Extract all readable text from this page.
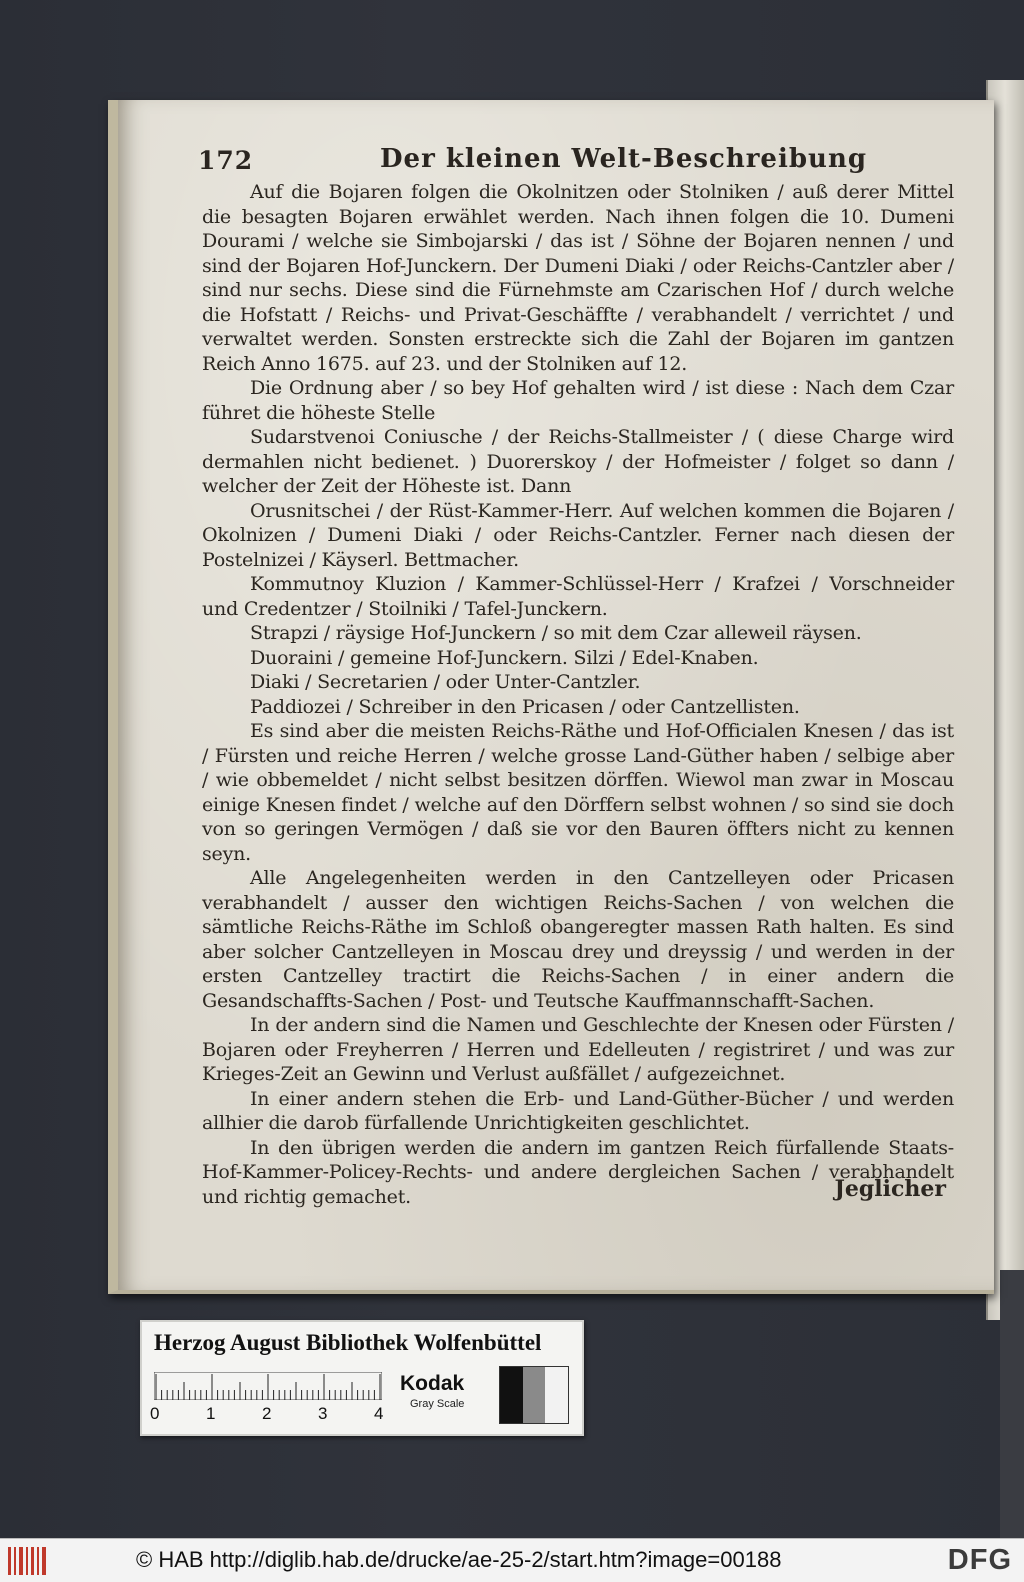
172	Der kleinen Welt-Beschreibung

Auf die Bojaren folgen die Okolnitzen oder Stolniken / auß derer Mittel die besagten Bojaren erwählet werden. Nach ihnen folgen die 10. Dumeni Dourami / welche sie Simbojarski / das ist / Söhne der Bojaren nennen / und sind der Bojaren Hof-Junckern. Der Dumeni Diaki / oder Reichs-Cantzler aber / sind nur sechs. Diese sind die Fürnehmste am Czarischen Hof / durch welche die Hofstatt / Reichs- und Privat-Geschäffte / verabhandelt / verrichtet / und verwaltet werden. Sonsten erstreckte sich die Zahl der Bojaren im gantzen Reich Anno 1675. auf 23. und der Stolniken auf 12.

Die Ordnung aber / so bey Hof gehalten wird / ist diese : Nach dem Czar führet die höheste Stelle

Sudarstvenoi Coniusche / der Reichs-Stallmeister / ( diese Charge wird dermahlen nicht bedienet. ) Duorerskoy / der Hofmeister / folget so dann / welcher der Zeit der Höheste ist. Dann

Orusnitschei / der Rüst-Kammer-Herr. Auf welchen kommen die Bojaren / Okolnizen / Dumeni Diaki / oder Reichs-Cantzler. Ferner nach diesen der Postelnizei / Käyserl. Bettmacher.

Kommutnoy Kluzion / Kammer-Schlüssel-Herr / Krafzei / Vorschneider und Credentzer / Stoilniki / Tafel-Junckern.

Strapzi / räysige Hof-Junckern / so mit dem Czar alleweil räysen.

Duoraini / gemeine Hof-Junckern. Silzi / Edel-Knaben.

Diaki / Secretarien / oder Unter-Cantzler.

Paddiozei / Schreiber in den Pricasen / oder Cantzellisten.

Es sind aber die meisten Reichs-Räthe und Hof-Officialen Knesen / das ist / Fürsten und reiche Herren / welche grosse Land-Güther haben / selbige aber / wie obbemeldet / nicht selbst besitzen dörffen. Wiewol man zwar in Moscau einige Knesen findet / welche auf den Dörffern selbst wohnen / so sind sie doch von so geringen Vermögen / daß sie vor den Bauren öffters nicht zu kennen seyn.

Alle Angelegenheiten werden in den Cantzelleyen oder Pricasen verabhandelt / ausser den wichtigen Reichs-Sachen / von welchen die sämtliche Reichs-Räthe im Schloß obangeregter massen Rath halten. Es sind aber solcher Cantzelleyen in Moscau drey und dreyssig / und werden in der ersten Cantzelley tractirt die Reichs-Sachen / in einer andern die Gesandschaffts-Sachen / Post- und Teutsche Kauffmannschafft-Sachen.

In der andern sind die Namen und Geschlechte der Knesen oder Fürsten / Bojaren oder Freyherren / Herren und Edelleuten / registriret / und was zur Krieges-Zeit an Gewinn und Verlust außfället / aufgezeichnet.

In einer andern stehen die Erb- und Land-Güther-Bücher / und werden allhier die darob fürfallende Unrichtigkeiten geschlichtet.

In den übrigen werden die andern im gantzen Reich fürfallende Staats-Hof-Kammer-Policey-Rechts- und andere dergleichen Sachen / verabhandelt und richtig gemachet.	Jeglicher
Herzog August Bibliothek Wolfenbüttel
0	1	2	3	4
Kodak
Gray Scale
© HAB http://diglib.hab.de/drucke/ae-25-2/start.htm?image=00188	DFG
